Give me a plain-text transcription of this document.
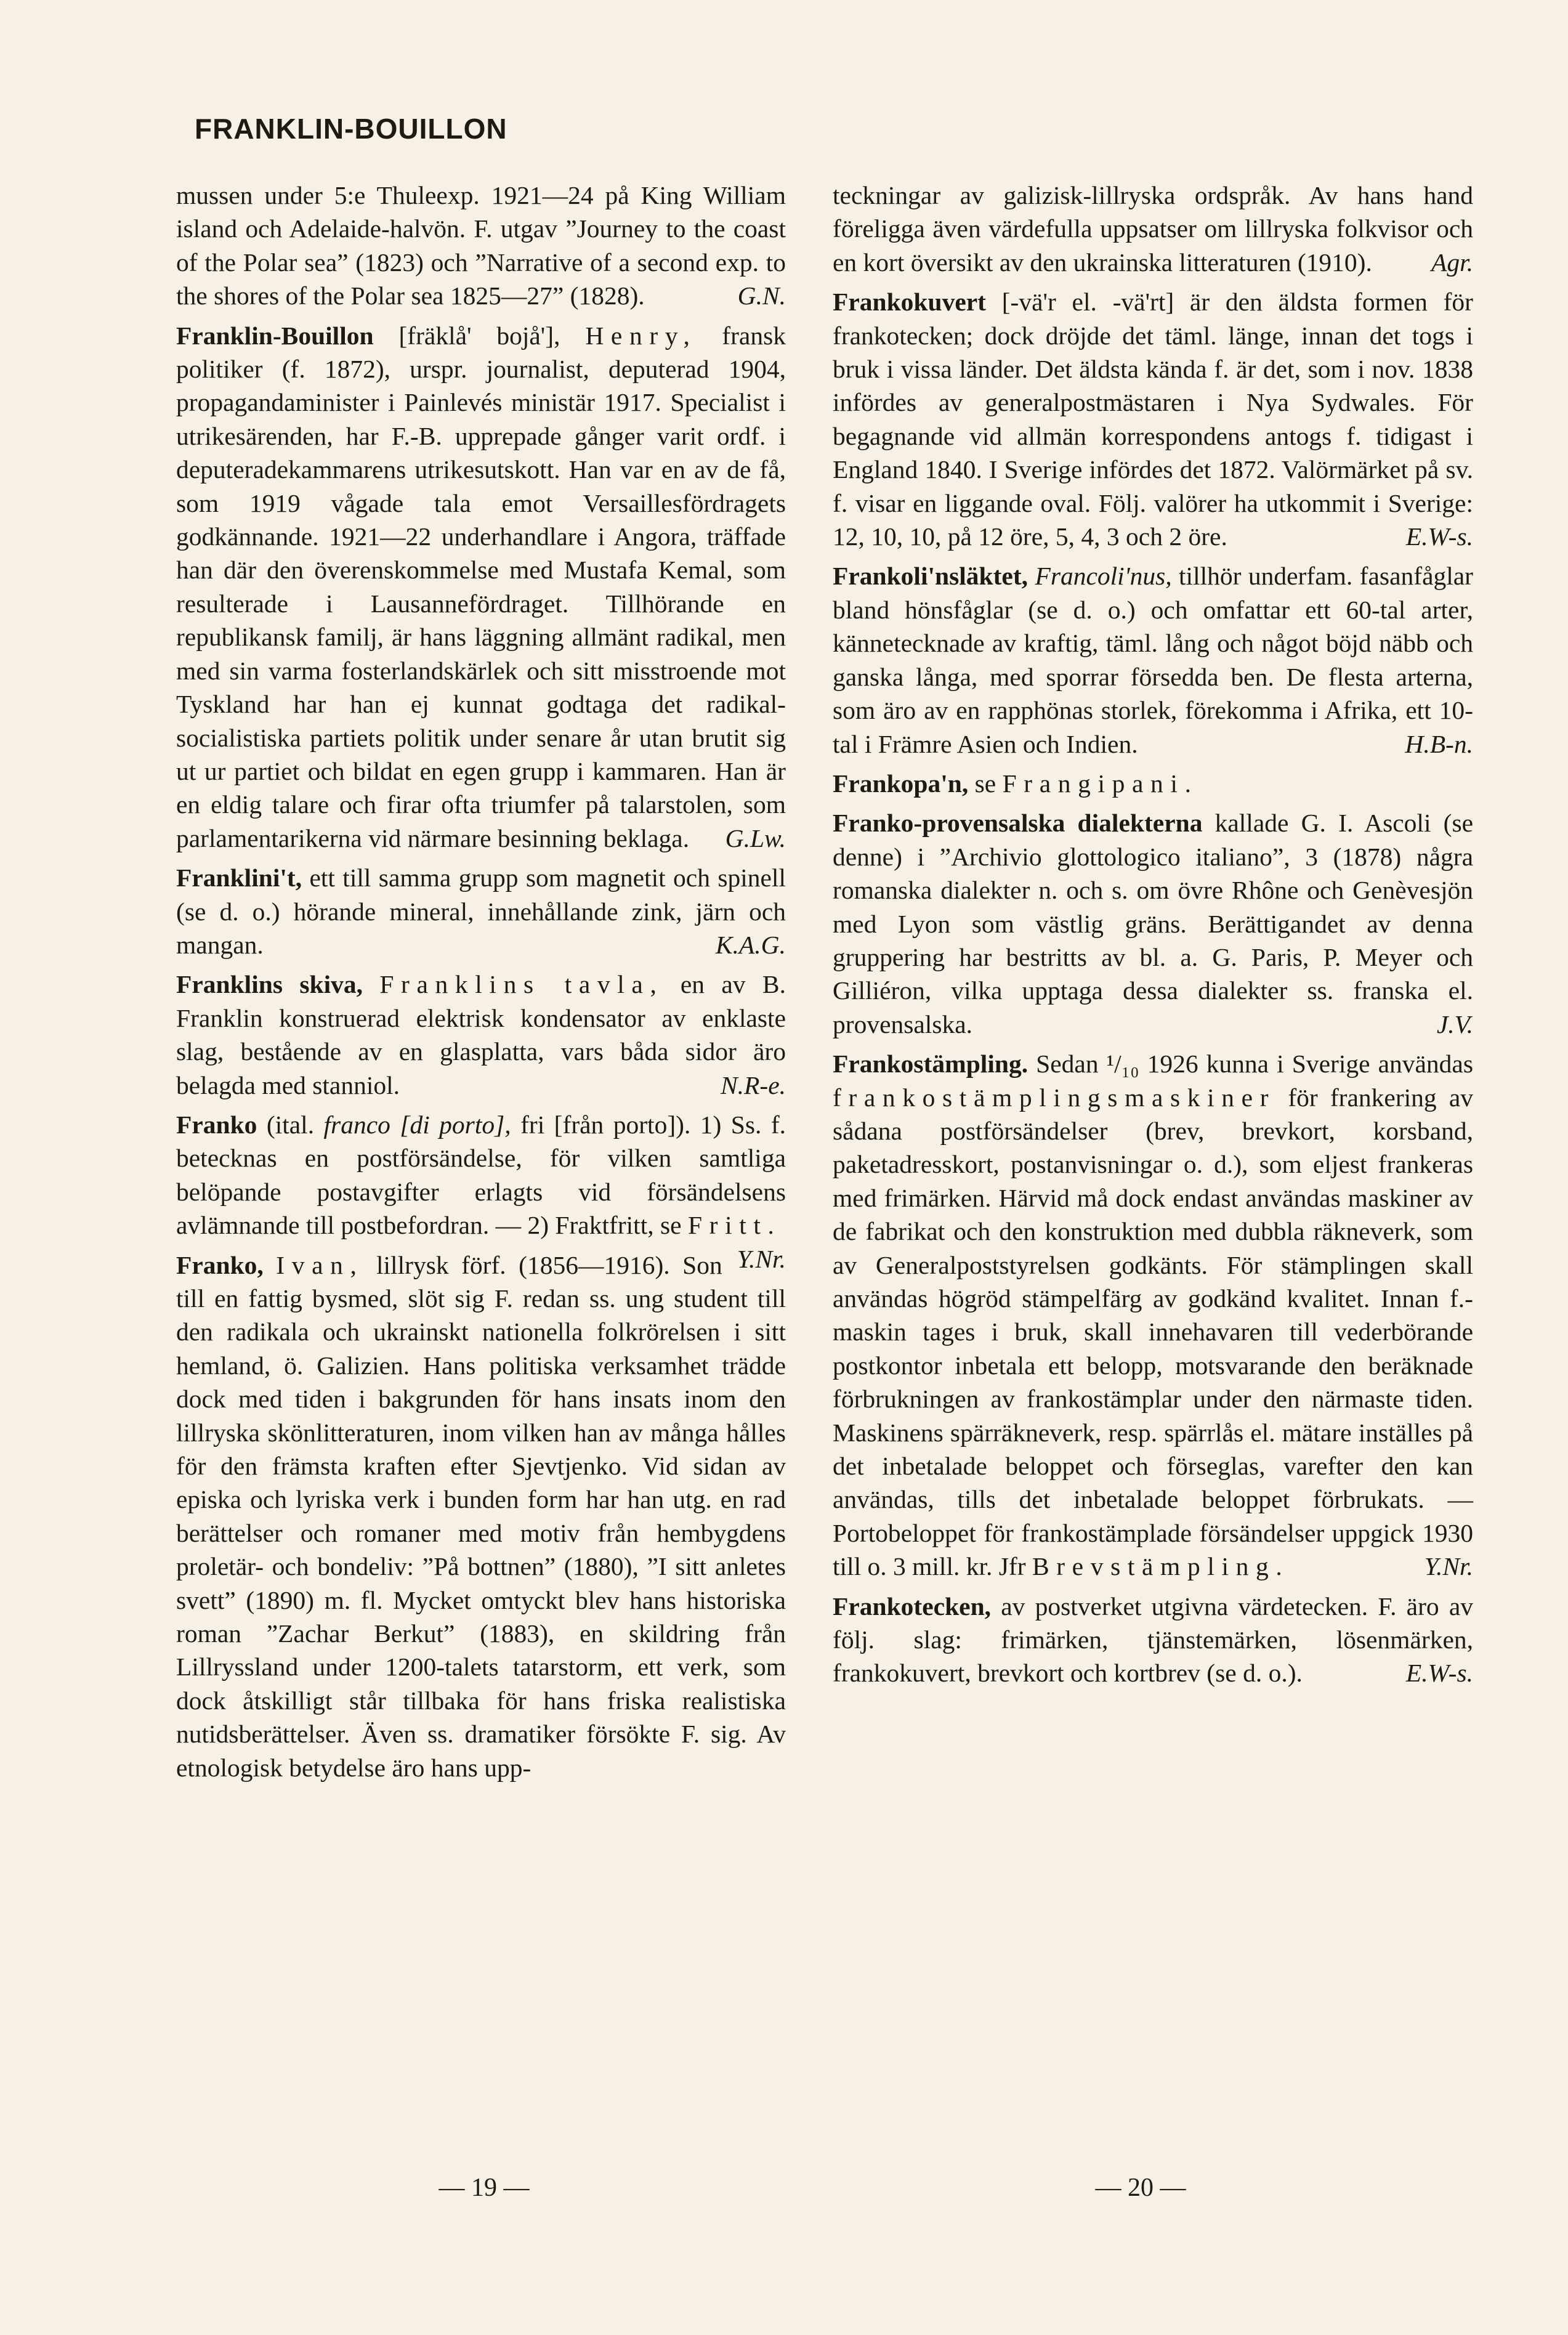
FRANKLIN-BOUILLON

mussen under 5:e Thuleexp. 1921—24 på King William island och Adelaide-halvön. F. utgav ”Journey to the coast of the Polar sea” (1823) och ”Narrative of a second exp. to the shores of the Polar sea 1825—27” (1828).	G.N.

Franklin-Bouillon [fräklå' bojå'], Henry, fransk politiker (f. 1872), urspr. journalist, deputerad 1904, propagandaminister i Painlevés ministär 1917. Specialist i utrikesärenden, har F.-B. upprepade gånger varit ordf. i deputeradekammarens utrikesutskott. Han var en av de få, som 1919 vågade tala emot Versaillesfördragets godkännande. 1921—22 underhandlare i Angora, träffade han där den överenskommelse med Mustafa Kemal, som resulterade i Lausannefördraget. Tillhörande en republikansk familj, är hans läggning allmänt radikal, men med sin varma fosterlandskärlek och sitt misstroende mot Tyskland har han ej kunnat godtaga det radikal-socialistiska partiets politik under senare år utan brutit sig ut ur partiet och bildat en egen grupp i kammaren. Han är en eldig talare och firar ofta triumfer på talarstolen, som parlamentarikerna vid närmare besinning beklaga. G.Lw.

Franklini't, ett till samma grupp som magnetit och spinell (se d. o.) hörande mineral, innehållande zink, järn och mangan.	K.A.G.

Franklins skiva, Franklins tavla, en av B. Franklin konstruerad elektrisk kondensator av enklaste slag, bestående av en glasplatta, vars båda sidor äro belagda med stanniol.	N.R-e.

Franko (ital. franco [di porto], fri [från porto]). 1) Ss. f. betecknas en postförsändelse, för vilken samtliga belöpande postavgifter erlagts vid försändelsens avlämnande till postbefordran. — 2) Fraktfritt, se Fritt.
Y.Nr.

Franko, Ivan, lillrysk förf. (1856—1916). Son till en fattig bysmed, slöt sig F. redan ss. ung student till den radikala och ukrainskt nationella folkrörelsen i sitt hemland, ö. Galizien. Hans politiska verksamhet trädde dock med tiden i bakgrunden för hans insats inom den lillryska skönlitteraturen, inom vilken han av många hålles för den främsta kraften efter Sjevtjenko. Vid sidan av episka och lyriska verk i bunden form har han utg. en rad berättelser och romaner med motiv från hembygdens proletär- och bondeliv: ”På bottnen” (1880), ”I sitt anletes svett” (1890) m. fl. Mycket omtyckt blev hans historiska roman ”Zachar Berkut” (1883), en skildring från Lillryssland under 1200-talets tatarstorm, ett verk, som dock åtskilligt står tillbaka för hans friska realistiska nutidsberättelser. Även ss. dramatiker försökte F. sig. Av etnologisk betydelse äro hans upp-

teckningar av galizisk-lillryska ordspråk. Av hans hand föreligga även värdefulla uppsatser om lillryska folkvisor och en kort översikt av den ukrainska litteraturen (1910). Agr.

Frankokuvert [-vä'r el. -vä'rt] är den äldsta formen för frankotecken; dock dröjde det täml. länge, innan det togs i bruk i vissa länder. Det äldsta kända f. är det, som i nov. 1838 infördes av generalpostmästaren i Nya Sydwales. För begagnande vid allmän korrespondens antogs f. tidigast i England 1840. I Sverige infördes det 1872. Valörmärket på sv. f. visar en liggande oval. Följ. valörer ha utkommit i Sverige: 12, 10, 10, på 12 öre, 5, 4, 3 och 2 öre.	E.W-s.

Frankoli'nsläktet, Francoli'nus, tillhör underfam. fasanfåglar bland hönsfåglar (se d. o.) och omfattar ett 60-tal arter, kännetecknade av kraftig, täml. lång och något böjd näbb och ganska långa, med sporrar försedda ben. De flesta arterna, som äro av en rapphönas storlek, förekomma i Afrika, ett 10-tal i Främre Asien och Indien.	H.B-n.

Frankopa'n, se Frangipani.

Franko-provensalska dialekterna kallade G. I. Ascoli (se denne) i ”Archivio glottologico italiano”, 3 (1878) några romanska dialekter n. och s. om övre Rhône och Genèvesjön med Lyon som västlig gräns. Berättigandet av denna gruppering har bestritts av bl. a. G. Paris, P. Meyer och Gilliéron, vilka upptaga dessa dialekter ss. franska el. provensalska.	J.V.

Frankostämpling. Sedan ¹/₁₀ 1926 kunna i Sverige användas frankostämplingsmaskiner för frankering av sådana postförsändelser (brev, brevkort, korsband, paketadresskort, postanvisningar o. d.), som eljest frankeras med frimärken. Härvid må dock endast användas maskiner av de fabrikat och den konstruktion med dubbla räkneverk, som av Generalpoststyrelsen godkänts. För stämplingen skall användas högröd stämpelfärg av godkänd kvalitet. Innan f.-maskin tages i bruk, skall innehavaren till vederbörande postkontor inbetala ett belopp, motsvarande den beräknade förbrukningen av frankostämplar under den närmaste tiden. Maskinens spärräkneverk, resp. spärrlås el. mätare inställes på det inbetalade beloppet och förseglas, varefter den kan användas, tills det inbetalade beloppet förbrukats. — Portobeloppet för frankostämplade försändelser uppgick 1930 till o. 3 mill. kr. Jfr Brevstämpling.	Y.Nr.

Frankotecken, av postverket utgivna värdetecken. F. äro av följ. slag: frimärken, tjänstemärken, lösenmärken, frankokuvert, brevkort och kortbrev (se d. o.).	E.W-s.

— 19 —	— 20 —
